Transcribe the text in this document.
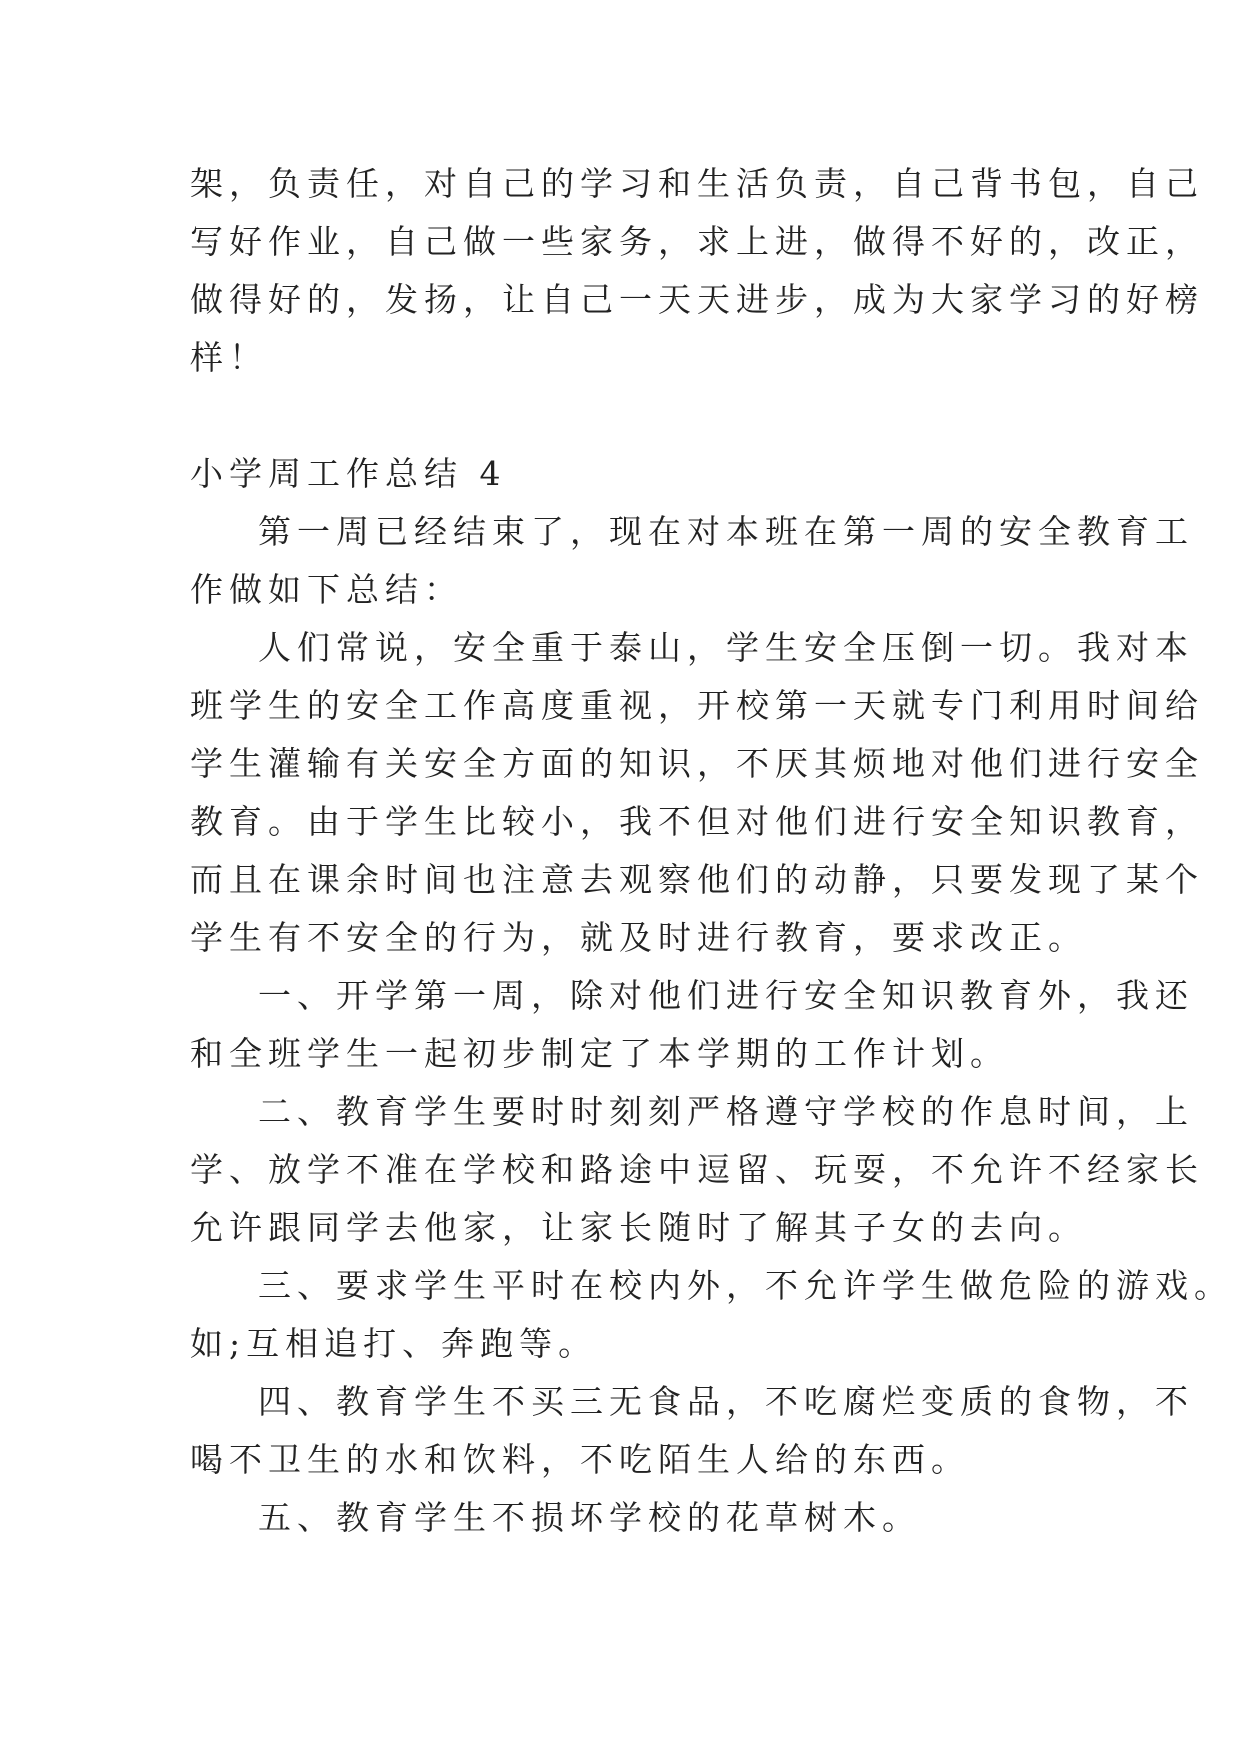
架，负责任，对自己的学习和生活负责，自己背书包，自己
写好作业，自己做一些家务，求上进，做得不好的，改正，
做得好的，发扬，让自己一天天进步，成为大家学习的好榜
样！
小学周工作总结 4
第一周已经结束了，现在对本班在第一周的安全教育工
作做如下总结：
人们常说，安全重于泰山，学生安全压倒一切。我对本
班学生的安全工作高度重视，开校第一天就专门利用时间给
学生灌输有关安全方面的知识，不厌其烦地对他们进行安全
教育。由于学生比较小，我不但对他们进行安全知识教育，
而且在课余时间也注意去观察他们的动静，只要发现了某个
学生有不安全的行为，就及时进行教育，要求改正。
一、开学第一周，除对他们进行安全知识教育外，我还
和全班学生一起初步制定了本学期的工作计划。
二、教育学生要时时刻刻严格遵守学校的作息时间，上
学、放学不准在学校和路途中逗留、玩耍，不允许不经家长
允许跟同学去他家，让家长随时了解其子女的去向。
三、要求学生平时在校内外，不允许学生做危险的游戏。
如;互相追打、奔跑等。
四、教育学生不买三无食品，不吃腐烂变质的食物，不
喝不卫生的水和饮料，不吃陌生人给的东西。
五、教育学生不损坏学校的花草树木。
